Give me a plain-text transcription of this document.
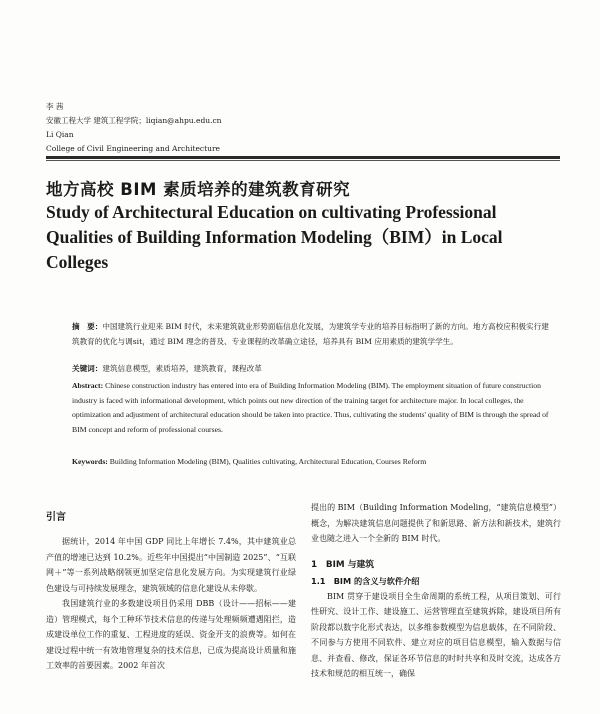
李 茜
安徽工程大学 建筑工程学院；liqian@ahpu.edu.cn
Li Qian
College of Civil Engineering and Architecture
地方高校 BIM 素质培养的建筑教育研究
Study of Architectural Education on cultivating Professional Qualities of Building Information Modeling（BIM）in Local Colleges
摘　要：中国建筑行业迎来 BIM 时代，未来建筑就业形势面临信息化发展，为建筑学专业的培养目标指明了新的方向。地方高校应积极实行建筑教育的优化与调sit，通过 BIM 理念的普及、专业课程的改革确立途径，培养具有 BIM 应用素质的建筑学学生。
关键词：建筑信息模型，素质培养，建筑教育，课程改革
Abstract: Chinese construction industry has entered into era of Building Information Modeling (BIM). The employment situation of future construction industry is faced with informational development, which points out new direction of the training target for architecture major. In local colleges, the optimization and adjustment of architectural education should be taken into practice. Thus, cultivating the students' quality of BIM is through the spread of BIM concept and reform of professional courses.
Keywords: Building Information Modeling (BIM), Qualities cultivating, Architectural Education, Courses Reform
引言

据统计，2014 年中国 GDP 同比上年增长 7.4%，其中建筑业总产值的增速已达到 10.2%。近些年中国提出“中国制造 2025”、“互联网＋”等一系列战略纲领更加坚定信息化发展方向。为实现建筑行业绿色建设与可持续发展理念，建筑领域的信息化建设从未停歇。

我国建筑行业的多数建设项目仍采用 DBB（设计——招标——建造）管理模式，每个工种环节技术信息的传递与处理频频遭遇阻拦，造成建设单位工作的重复、工程进度的延误、资金开支的浪费等。如何在建设过程中统一有效地管理复杂的技术信息，已成为提高设计质量和施工效率的首要因素。2002 年首次

提出的 BIM（Building Information Modeling，“建筑信息模型”）概念，为解决建筑信息问题提供了和新思路、新方法和新技术，建筑行业也随之进入一个全新的 BIM 时代。

1　BIM 与建筑
1.1　BIM 的含义与软件介绍

BIM 贯穿于建设项目全生命周期的系统工程，从项目策划、可行性研究、设计工作、建设施工、运营管理直至建筑拆除，建设项目所有阶段都以数字化形式表达，以多维参数模型为信息载体，在不同阶段、不同参与方使用不同软件、建立对应的项目信息模型，输入数据与信息、并查看、修改，保证各环节信息的时时共享和及时交流，达成各方技术和规范的相互统一，确保
